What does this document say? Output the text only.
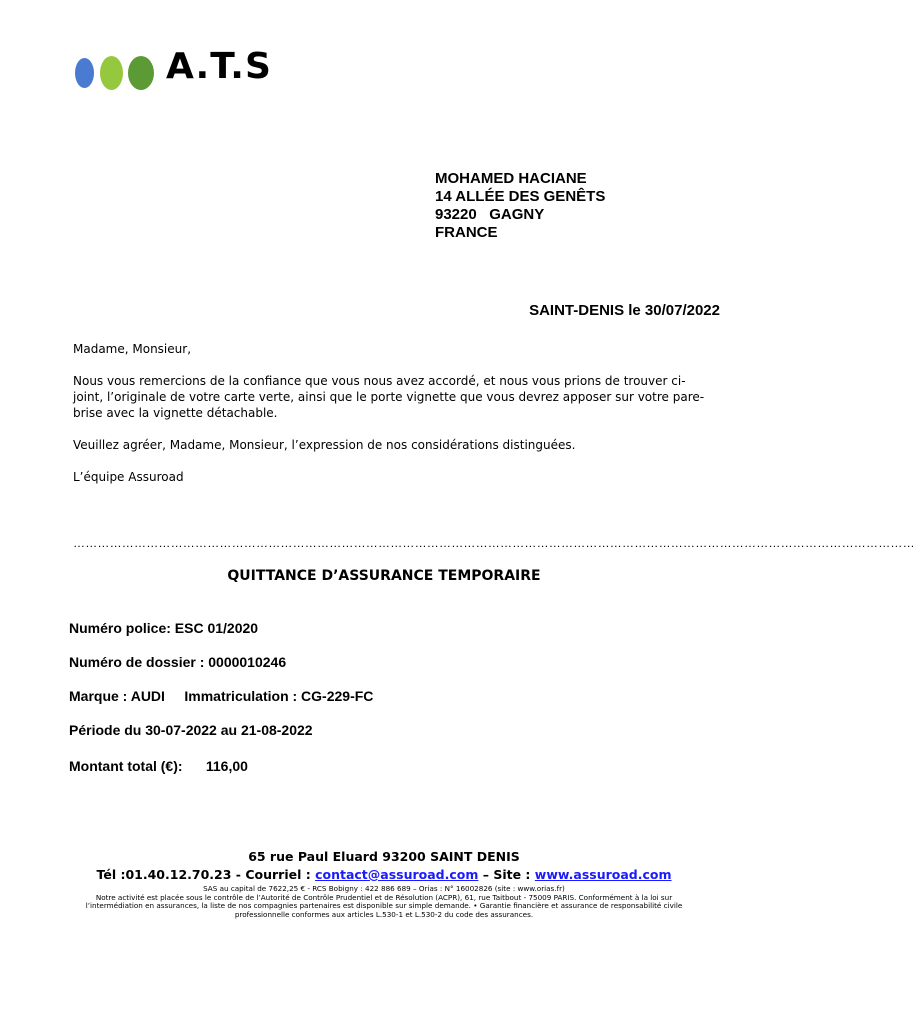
A.T.S
MOHAMED HACIANE
14 ALLÉE DES GENÊTS
93220   GAGNY
FRANCE
SAINT-DENIS le 30/07/2022

Madame, Monsieur,

Nous vous remercions de la confiance que vous nous avez accordé, et nous vous prions de trouver ci-joint, l’originale de votre carte verte, ainsi que le porte vignette que vous devrez apposer sur votre pare-brise avec la vignette détachable.

Veuillez agréer, Madame, Monsieur, l’expression de nos considérations distinguées.

L’équipe Assuroad

………………………………………………………………………………………………………………………………………………………………………………………
QUITTANCE D’ASSURANCE TEMPORAIRE
Numéro police: ESC 01/2020
Numéro de dossier : 0000010246
Marque : AUDI     Immatriculation : CG-229-FC
Période du 30-07-2022 au 21-08-2022
Montant total (€):      116,00
65 rue Paul Eluard 93200 SAINT DENIS
Tél :01.40.12.70.23 - Courriel : contact@assuroad.com – Site : www.assuroad.com
SAS au capital de 7622,25 € - RCS Bobigny : 422 886 689 – Orias : N° 16002826 (site : www.orias.fr)
Notre activité est placée sous le contrôle de l’Autorité de Contrôle Prudentiel et de Résolution (ACPR), 61, rue Taitbout - 75009 PARIS. Conformément à la loi sur
l’intermédiation en assurances, la liste de nos compagnies partenaires est disponible sur simple demande. • Garantie financière et assurance de responsabilité civile
professionnelle conformes aux articles L.530-1 et L.530-2 du code des assurances.
